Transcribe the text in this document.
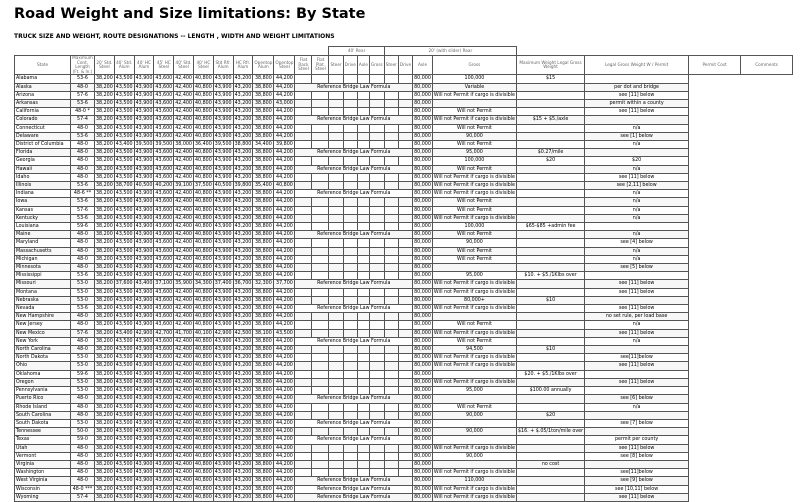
Road Weight and Size limitations: By State
TRUCK SIZE AND WEIGHT, ROUTE DESIGNATIONS -- LENGTH , WIDTH AND WEIGHT LIMITATIONS
														40' Rear				20' (with slider) Rear							
State	Maximum Cont. Length (Ft. & In.)	20' Std. Steel	40' Std. Alum	40' HC Alum	45' HC Steel	40' Std. Steel	40' HC Steel	Std Rfr. Alum	HC Rfr. Alum	Opentop Alum	Opentop Steel	Flat Rack Steel	Flat Plat. Steel	Steer	Drive	Axle	Gross	Steer	Drive	Axle	Gross	Maximum Weight Legal Gross Weight	Legal Gross Weight W / Permit	Permit Cost	Comments
Alabama	53-6	38,200	43,500	43,900	43,600	42,400	40,800	43,900	43,200	38,800	44,200									80,000	100,000	$15			
Alaska	48-0	38,200	43,500	43,900	43,600	42,400	40,800	43,900	43,200	38,800	44,200	Reference Bridge Law Formula								80,000	Variable		per dot and bridge		
Arizona	57-6	38,200	43,500	43,900	43,600	42,400	40,800	43,900	43,200	38,800	44,200									80,000	Will not Permit if cargo is divisible		see [11] below		
Arkansas	53-6	38,200	43,500	43,900	43,600	42,400	40,800	43,900	43,200	38,800	43,000									80,000			permit within a county		
California	48-0 *	38,200	43,500	43,900	43,600	42,400	40,800	43,900	43,200	38,800	44,200									80,000	Will not Permit		see [11] below		
Colorado	57-4	38,200	43,500	43,900	43,600	42,400	40,800	43,900	43,200	38,800	44,200	Reference Bridge Law Formula								80,000	Will not Permit if cargo is divisible	$15 + $5./axle			
Connecticut	48-0	38,200	43,500	43,900	43,600	42,400	40,800	43,900	43,200	38,800	44,200									80,000	Will not Permit		n/a		
Delaware	53-6	38,200	43,500	43,900	43,600	42,400	40,800	43,900	43,200	38,800	44,200									80,000	90,000		see [1] below		
District of Columbia	48-0	38,200	43,400	39,500	39,500	38,000	36,400	39,500	38,800	34,400	39,800									80,000	Will not Permit		n/a		
Florida	48-0	38,200	43,500	43,900	43,600	42,400	40,800	43,900	43,200	38,800	44,200	Reference Bridge Law Formula								80,000	95,000	$0.27/mile			
Georgia	48-0	38,200	43,500	43,900	43,600	42,400	40,800	43,900	43,200	38,800	44,200									80,000	100,000	$20	$20		
Hawaii	48-0	38,200	43,500	43,900	43,600	42,400	40,800	43,900	43,200	38,800	44,200	Reference Bridge Law Formula								80,000	Will not Permit		n/a		
Idaho	48-0	38,200	43,500	43,900	43,600	42,400	40,800	43,900	43,200	38,800	44,200									80,000	Will not Permit if cargo is divisible		see [11] below		
Illinois	53-6	38,200	38,700	40,500	40,200	39,100	37,500	40,500	39,800	35,400	40,800									80,000	Will not Permit if cargo is divisible		see [2,11] below		
Indiana	48-6 **	38,200	43,500	43,900	43,600	42,400	40,800	43,900	43,200	38,800	44,200	Reference Bridge Law Formula								80,000	Will not Permit if cargo is divisible		n/a		
Iowa	53-6	38,200	43,500	43,900	43,600	42,400	40,800	43,900	43,200	38,800	44,200									80,000	Will not Permit		n/a		
Kansas	57-6	38,200	43,500	43,900	43,600	42,400	40,800	43,900	43,200	38,800	44,200									80,000	Will not Permit		n/a		
Kentucky	53-6	38,200	43,500	43,900	43,600	42,400	40,800	43,900	43,200	38,800	44,200									80,000	Will not Permit if cargo is divisible		n/a		
Louisiana	59-6	38,200	43,500	43,900	43,600	42,400	40,800	43,900	43,200	38,800	44,200									80,000	100,000	$65-$85 +admin fee			
Maine	48-0	38,200	43,500	43,900	43,600	42,400	40,800	43,900	43,200	38,800	44,200	Reference Bridge Law Formula								80,000	Will not Permit		n/a		
Maryland	48-0	38,200	43,500	43,900	43,600	42,400	40,800	43,900	43,200	38,800	44,200									80,000	90,000		see [4] below		
Massachusetts	48-0	38,200	43,500	43,900	43,600	42,400	40,800	43,900	43,200	38,800	44,200									80,000	Will not Permit		n/a		
Michigan	48-0	38,200	43,500	43,900	43,600	42,400	40,800	43,900	43,200	38,800	44,200									80,000	Will not Permit		n/a		
Minnesota	48-0	38,200	43,500	43,900	43,600	42,400	40,800	43,900	43,200	38,800	44,200									80,000			see [5] below		
Mississippi	53-6	38,200	43,500	43,900	43,600	42,400	40,800	43,900	43,200	38,800	44,200									80,000	95,000	$10. + $5./1Klbs over			
Missouri	53-0	38,200	37,600	43,400	37,100	35,900	34,300	37,400	36,700	32,300	37,700	Reference Bridge Law Formula								80,000	Will not Permit if cargo is divisible		see [11] below		
Montana	53-0	38,200	43,500	43,900	43,600	42,400	40,800	43,900	43,200	38,800	44,200									80,000	Will not Permit if cargo is divisible		see [11] below		
Nebraska	53-0	38,200	43,500	43,900	43,600	42,400	40,800	43,900	43,200	38,800	44,200									80,000	80,000+	$10			
Nevada	53-6	38,200	43,500	43,900	43,600	42,400	40,800	43,900	43,200	38,800	44,200	Reference Bridge Law Formula								80,000	Will not Permit if cargo is divisible		see [11] below		
New Hampshire	48-0	38,200	43,500	43,900	43,600	42,400	40,800	43,900	43,200	38,800	44,200									80,000			no set rule, per load base		
New Jersey	48-0	38,200	43,500	43,900	43,600	42,400	40,800	43,900	43,200	38,800	44,200									80,000	Will not Permit		n/a		
New Mexico	57-6	38,200	43,400	42,900	42,700	41,700	40,100	42,900	42,500	38,100	43,500									80,000	Will not Permit if cargo is divisible		see [11] below		
New York	48-0	38,200	43,500	43,900	43,600	42,400	40,800	43,900	43,200	38,800	44,200	Reference Bridge Law Formula								80,000	Will not Permit		n/a		
North Carolina	48-0	38,200	43,500	43,900	43,600	42,400	40,800	43,900	43,200	38,800	44,200									80,000	94,500	$10			
North Dakota	53-0	38,200	43,500	43,900	43,600	42,400	40,800	43,900	43,200	38,800	44,200									80,000	Will not Permit if cargo is divisible		see[11]below		
Ohio	53-0	38,200	43,500	43,900	43,600	42,400	40,800	43,900	43,200	38,800	44,200									80,000	Will not Permit if cargo is divisible		see [11] below		
Oklahoma	59-6	38,200	43,500	43,900	43,600	42,400	40,800	43,900	43,200	38,800	44,200									80,000		$20. + $5./1Klbs over			
Oregon	53-0	38,200	43,500	43,900	43,600	42,400	40,800	43,900	43,200	38,800	44,200									80,000	Will not Permit if cargo is divisible		see [11] below		
Pennsylvania	53-0	38,200	43,500	43,900	43,600	42,400	40,800	43,900	43,200	38,800	44,200									80,000	95,000	$100.00 annually			
Puerto Rico	48-0	38,200	43,500	43,900	43,600	42,400	40,800	43,900	43,200	38,800	44,200	Reference Bridge Law Formula								80,000			see [6] below		
Rhode Island	48-0	38,200	43,500	43,900	43,600	42,400	40,800	43,900	43,200	38,800	44,200									80,000	Will not Permit		n/a		
South Carolina	48-0	38,200	43,500	43,900	43,600	42,400	40,800	43,900	43,200	38,800	44,200									80,000	90,000	$20			
South Dakota	53-0	38,200	43,500	43,900	43,600	42,400	40,800	43,900	43,200	38,800	44,200	Reference Bridge Law Formula								80,000			see [7] below		
Tennessee	50-0	38,200	43,500	43,900	43,600	42,400	40,800	43,900	43,200	38,800	44,200									80,000	90,000	$16. + $.05/1ton/mile over			
Texas	59-0	38,200	43,500	43,900	43,600	42,400	40,800	43,900	43,200	38,800	44,200	Reference Bridge Law Formula								80,000			permit per county		
Utah	48-0	38,200	43,500	43,900	43,600	42,400	40,800	43,900	43,200	38,800	44,200									80,000	Will not Permit if cargo is divisible		see [11] below		
Vermont	48-0	38,200	43,500	43,900	43,600	42,400	40,800	43,900	43,200	38,800	44,200									80,000	90,000		see [8] below		
Virginia	48-0	38,200	43,500	43,900	43,600	42,400	40,800	43,900	43,200	38,800	44,200									80,000		no cost			
Washington	48-0	38,200	43,500	43,900	43,600	42,400	40,800	43,900	43,200	38,800	44,200									80,000	Will not Permit if cargo is divisible		see[11]below		
West Virginia	48-0	38,200	43,500	43,900	43,600	42,400	40,800	43,900	43,200	38,800	44,200	Reference Bridge Law Formula								80,000	110,000		see [9] below		
Wisconsin	48-0 ***	38,200	43,500	43,900	43,600	42,400	40,800	43,900	43,200	38,800	44,200	Reference Bridge Law Formula								80,000	Will not Permit if cargo is divisible		see [10,11] below		
Wyoming	57-4	38,200	43,500	43,900	43,600	42,400	40,800	43,900	43,200	38,800	44,200	Reference Bridge Law Formula								80,000	Will not Permit if cargo is divisible		see [11] below		
